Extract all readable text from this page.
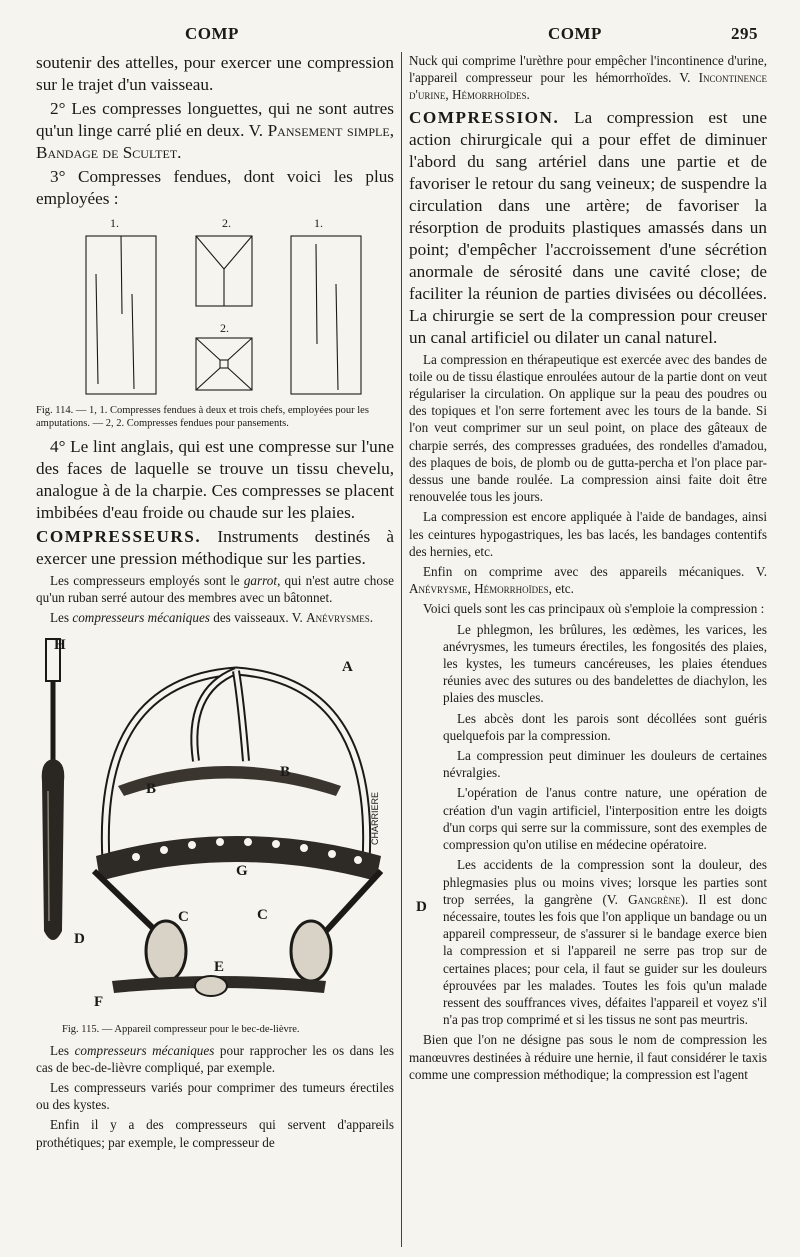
COMP	COMP	295

soutenir des attelles, pour exercer une compression sur le trajet d'un vaisseau.

2° Les compresses longuettes, qui ne sont autres qu'un linge carré plié en deux. V. Pansement simple, Bandage de Scultet.

3° Compresses fendues, dont voici les plus employées :

1.	2.	1.
2.

Fig. 114. — 1, 1. Compresses fendues à deux et trois chefs, employées pour les amputations. — 2, 2. Compresses fendues pour pansements.

4° Le lint anglais, qui est une compresse sur l'une des faces de laquelle se trouve un tissu chevelu, analogue à de la charpie. Ces compresses se placent imbibées d'eau froide ou chaude sur les plaies.

COMPRESSEURS. Instruments destinés à exercer une pression méthodique sur les parties.

Les compresseurs employés sont le garrot, qui n'est autre chose qu'un ruban serré autour des membres avec un bâtonnet.

Les compresseurs mécaniques des vaisseaux. V. Anévrysmes.

CHARRIERE
H
A
B
B
G
D
C	C	D
E
F

Fig. 115. — Appareil compresseur pour le bec-de-lièvre.

Les compresseurs mécaniques pour rapprocher les os dans les cas de bec-de-lièvre compliqué, par exemple.

Les compresseurs variés pour comprimer des tumeurs érectiles ou des kystes.

Enfin il y a des compresseurs qui servent d'appareils prothétiques; par exemple, le compresseur de

Nuck qui comprime l'urèthre pour empêcher l'incontinence d'urine, l'appareil compresseur pour les hémorrhoïdes. V. Incontinence d'urine, Hémorrhoïdes.

COMPRESSION. La compression est une action chirurgicale qui a pour effet de diminuer l'abord du sang artériel dans une partie et de favoriser le retour du sang veineux; de suspendre la circulation dans une artère; de favoriser la résorption de produits plastiques amassés dans un point; d'empêcher l'accroissement d'une sécrétion anormale de sérosité dans une cavité close; de faciliter la réunion de parties divisées ou décollées. La chirurgie se sert de la compression pour creuser un canal artificiel ou dilater un canal naturel.

La compression en thérapeutique est exercée avec des bandes de toile ou de tissu élastique enroulées autour de la partie dont on veut régulariser la circulation. On applique sur la peau des poudres ou des topiques et l'on serre fortement avec les tours de la bande. Si l'on veut comprimer sur un seul point, on place des gâteaux de charpie serrés, des compresses graduées, des rondelles d'amadou, des plaques de bois, de plomb ou de gutta-percha et l'on place par-dessus une bande roulée. La compression ainsi faite doit être renouvelée tous les jours.

La compression est encore appliquée à l'aide de bandages, ainsi les ceintures hypogastriques, les bas lacés, les bandages contentifs des hernies, etc.

Enfin on comprime avec des appareils mécaniques. V. Anévrysme, Hémorrhoïdes, etc.

Voici quels sont les cas principaux où s'emploie la compression :

Le phlegmon, les brûlures, les œdèmes, les varices, les anévrysmes, les tumeurs érectiles, les fongosités des plaies, les kystes, les tumeurs cancéreuses, les plaies étendues réunies avec des sutures ou des bandelettes de diachylon, les plaies des muscles.

Les abcès dont les parois sont décollées sont guéris quelquefois par la compression.

La compression peut diminuer les douleurs de certaines névralgies.

L'opération de l'anus contre nature, une opération de création d'un vagin artificiel, l'interposition entre les doigts d'un corps qui serre sur la commissure, sont des exemples de compression qu'on utilise en médecine opératoire.

Les accidents de la compression sont la douleur, des phlegmasies plus ou moins vives; lorsque les parties sont trop serrées, la gangrène (V. Gangrène). Il est donc nécessaire, toutes les fois que l'on applique un bandage ou un appareil compresseur, de s'assurer si le bandage exerce bien la compression et si l'appareil ne serre pas trop sur de certaines places; pour cela, il faut se guider sur les douleurs éprouvées par les malades. Toutes les fois qu'un malade ressent des souffrances vives, défaites l'appareil et voyez s'il n'a pas trop comprimé et si les tissus ne sont pas meurtris.

Bien que l'on ne désigne pas sous le nom de compression les manœuvres destinées à réduire une hernie, il faut considérer le taxis comme une compression méthodique; la compression est l'agent
